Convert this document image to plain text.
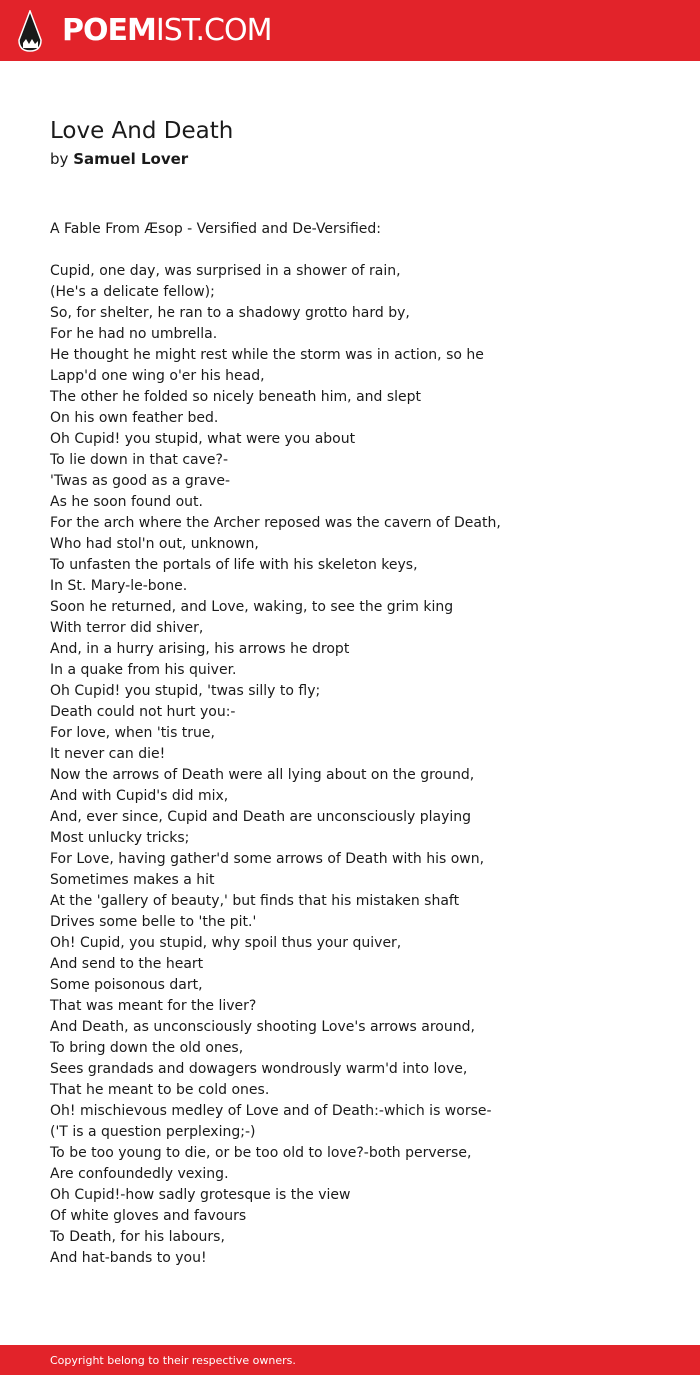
POEMIST.COM
Love And Death
by Samuel Lover
A Fable From Æsop - Versified and De-Versified:
Cupid, one day, was surprised in a shower of rain,
(He's a delicate fellow);
So, for shelter, he ran to a shadowy grotto hard by,
For he had no umbrella.
He thought he might rest while the storm was in action, so he
Lapp'd one wing o'er his head,
The other he folded so nicely beneath him, and slept
On his own feather bed.
Oh Cupid! you stupid, what were you about
To lie down in that cave?-
'Twas as good as a grave-
As he soon found out.
For the arch where the Archer reposed was the cavern of Death,
Who had stol'n out, unknown,
To unfasten the portals of life with his skeleton keys,
In St. Mary-le-bone.
Soon he returned, and Love, waking, to see the grim king
With terror did shiver,
And, in a hurry arising, his arrows he dropt
In a quake from his quiver.
Oh Cupid! you stupid, 'twas silly to fly;
Death could not hurt you:-
For love, when 'tis true,
It never can die!
Now the arrows of Death were all lying about on the ground,
And with Cupid's did mix,
And, ever since, Cupid and Death are unconsciously playing
Most unlucky tricks;
For Love, having gather'd some arrows of Death with his own,
Sometimes makes a hit
At the 'gallery of beauty,' but finds that his mistaken shaft
Drives some belle to 'the pit.'
Oh! Cupid, you stupid, why spoil thus your quiver,
And send to the heart
Some poisonous dart,
That was meant for the liver?
And Death, as unconsciously shooting Love's arrows around,
To bring down the old ones,
Sees grandads and dowagers wondrously warm'd into love,
That he meant to be cold ones.
Oh! mischievous medley of Love and of Death:-which is worse-
('T is a question perplexing;-)
To be too young to die, or be too old to love?-both perverse,
Are confoundedly vexing.
Oh Cupid!-how sadly grotesque is the view
Of white gloves and favours
To Death, for his labours,
And hat-bands to you!
Copyright belong to their respective owners.
